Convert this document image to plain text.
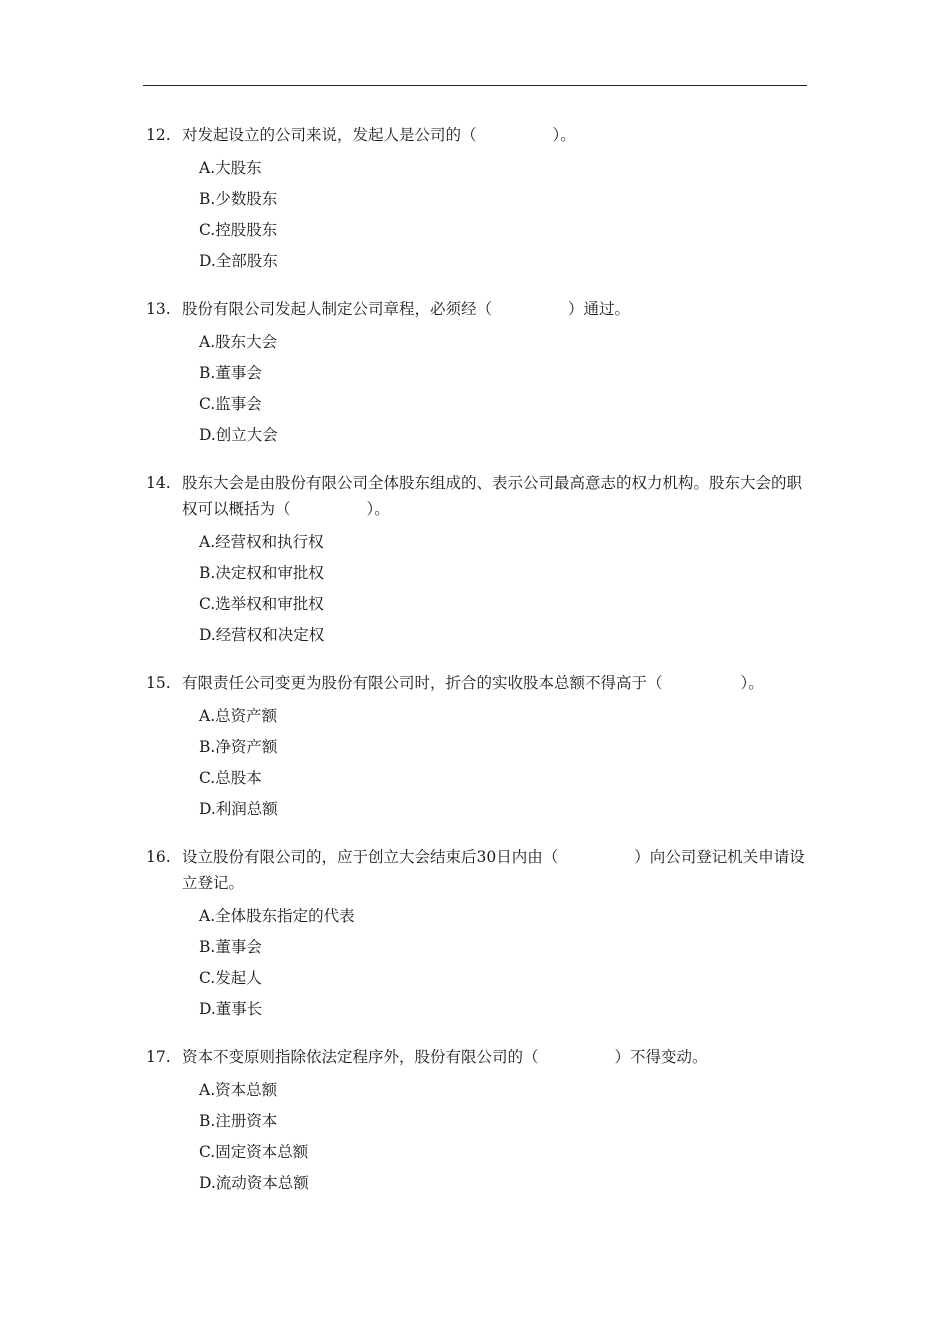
12. 对发起设立的公司来说，发起人是公司的（	）。
A.大股东
B.少数股东
C.控股股东
D.全部股东
13. 股份有限公司发起人制定公司章程，必须经（	）通过。
A.股东大会
B.董事会
C.监事会
D.创立大会
14. 股东大会是由股份有限公司全体股东组成的、表示公司最高意志的权力机构。股东大会的职权可以概括为（	）。
A.经营权和执行权
B.决定权和审批权
C.选举权和审批权
D.经营权和决定权
15. 有限责任公司变更为股份有限公司时，折合的实收股本总额不得高于（	）。
A.总资产额
B.净资产额
C.总股本
D.利润总额
16. 设立股份有限公司的，应于创立大会结束后30日内由（	）向公司登记机关申请设立登记。
A.全体股东指定的代表
B.董事会
C.发起人
D.董事长
17. 资本不变原则指除依法定程序外，股份有限公司的（	）不得变动。
A.资本总额
B.注册资本
C.固定资本总额
D.流动资本总额
